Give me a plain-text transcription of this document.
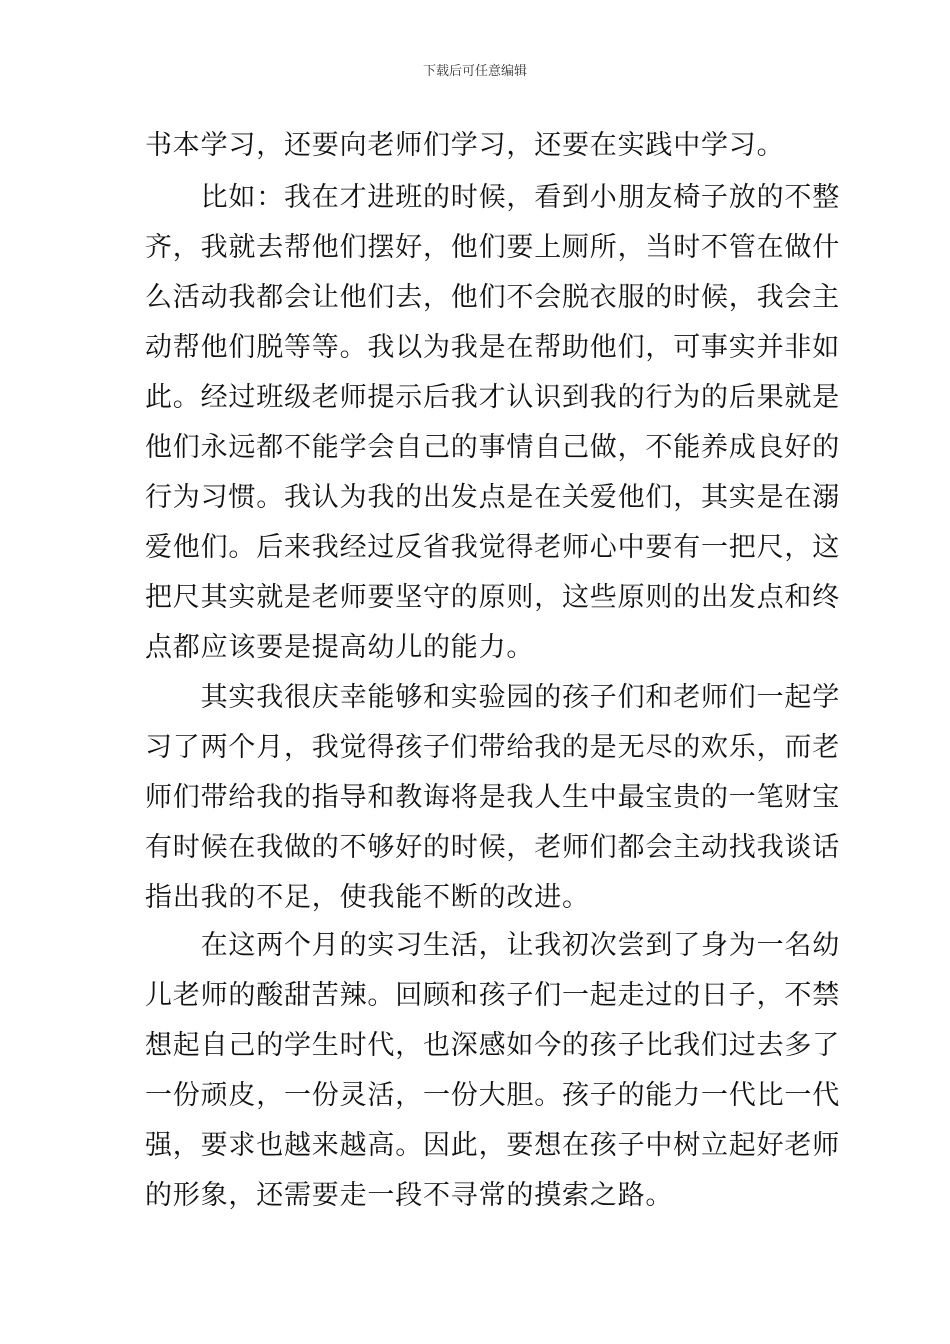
下载后可任意编辑
书本学习，还要向老师们学习，还要在实践中学习。
　　比如：我在才进班的时候，看到小朋友椅子放的不整
齐，我就去帮他们摆好，他们要上厕所，当时不管在做什
么活动我都会让他们去，他们不会脱衣服的时候，我会主
动帮他们脱等等。我以为我是在帮助他们，可事实并非如
此。经过班级老师提示后我才认识到我的行为的后果就是
他们永远都不能学会自己的事情自己做，不能养成良好的
行为习惯。我认为我的出发点是在关爱他们，其实是在溺
爱他们。后来我经过反省我觉得老师心中要有一把尺，这
把尺其实就是老师要坚守的原则，这些原则的出发点和终
点都应该要是提高幼儿的能力。
　　其实我很庆幸能够和实验园的孩子们和老师们一起学
习了两个月，我觉得孩子们带给我的是无尽的欢乐，而老
师们带给我的指导和教诲将是我人生中最宝贵的一笔财宝
有时候在我做的不够好的时候，老师们都会主动找我谈话
指出我的不足，使我能不断的改进。
　　在这两个月的实习生活，让我初次尝到了身为一名幼
儿老师的酸甜苦辣。回顾和孩子们一起走过的日子，不禁
想起自己的学生时代，也深感如今的孩子比我们过去多了
一份顽皮，一份灵活，一份大胆。孩子的能力一代比一代
强，要求也越来越高。因此，要想在孩子中树立起好老师
的形象，还需要走一段不寻常的摸索之路。
